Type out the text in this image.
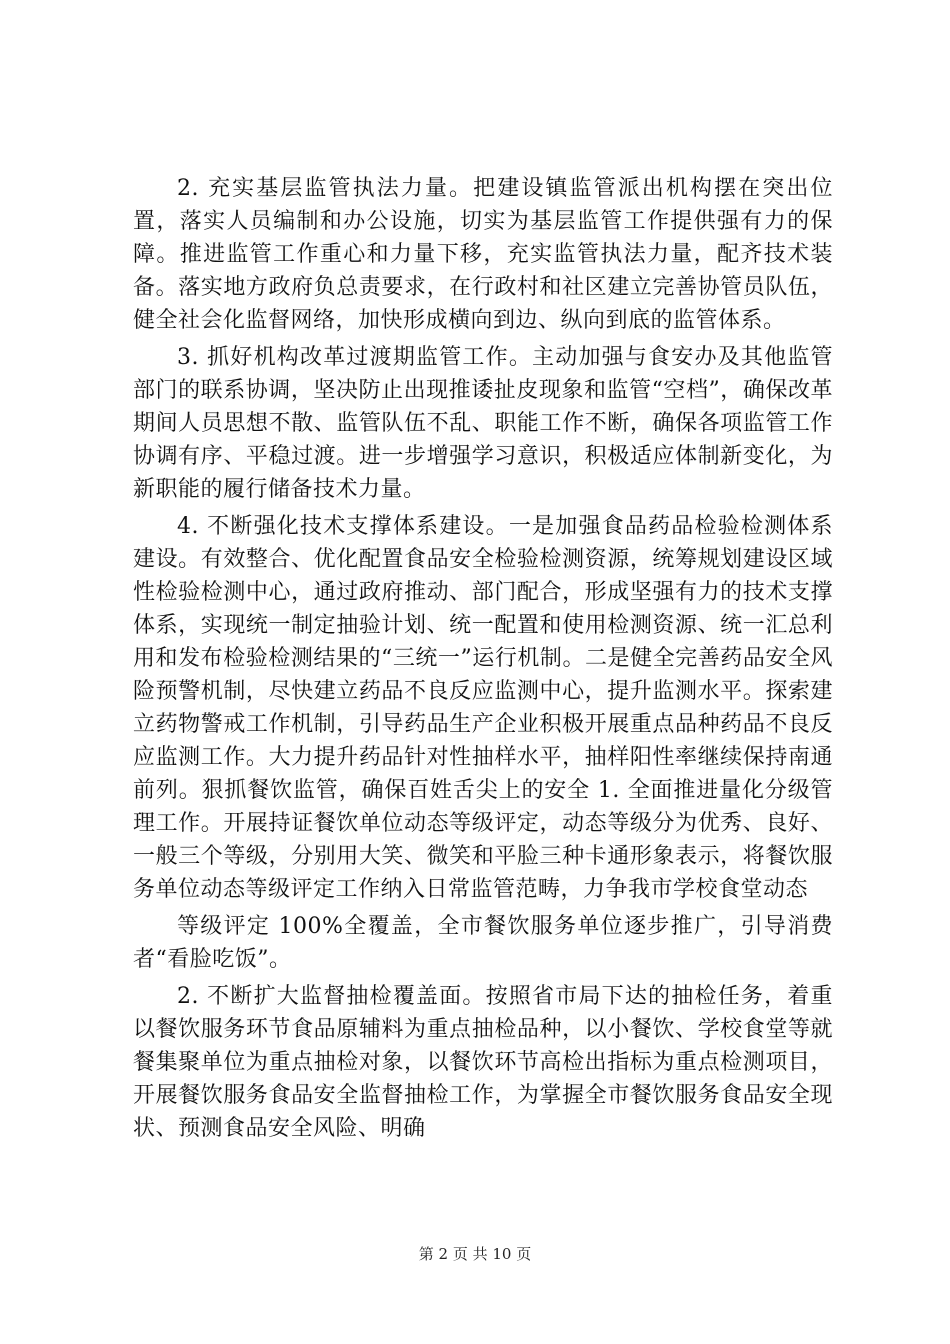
2. 充实基层监管执法力量。把建设镇监管派出机构摆在突出位置，落实人员编制和办公设施，切实为基层监管工作提供强有力的保障。推进监管工作重心和力量下移，充实监管执法力量，配齐技术装备。落实地方政府负总责要求，在行政村和社区建立完善协管员队伍，健全社会化监督网络，加快形成横向到边、纵向到底的监管体系。

3. 抓好机构改革过渡期监管工作。主动加强与食安办及其他监管部门的联系协调，坚决防止出现推诿扯皮现象和监管“空档”，确保改革期间人员思想不散、监管队伍不乱、职能工作不断，确保各项监管工作协调有序、平稳过渡。进一步增强学习意识，积极适应体制新变化，为新职能的履行储备技术力量。

4. 不断强化技术支撑体系建设。一是加强食品药品检验检测体系建设。有效整合、优化配置食品安全检验检测资源，统筹规划建设区域性检验检测中心，通过政府推动、部门配合，形成坚强有力的技术支撑体系，实现统一制定抽验计划、统一配置和使用检测资源、统一汇总利用和发布检验检测结果的“三统一”运行机制。二是健全完善药品安全风险预警机制，尽快建立药品不良反应监测中心，提升监测水平。探索建立药物警戒工作机制，引导药品生产企业积极开展重点品种药品不良反应监测工作。大力提升药品针对性抽样水平，抽样阳性率继续保持南通前列。狠抓餐饮监管，确保百姓舌尖上的安全 1. 全面推进量化分级管理工作。开展持证餐饮单位动态等级评定，动态等级分为优秀、良好、一般三个等级，分别用大笑、微笑和平脸三种卡通形象表示，将餐饮服务单位动态等级评定工作纳入日常监管范畴，力争我市学校食堂动态

等级评定 100%全覆盖，全市餐饮服务单位逐步推广，引导消费者“看脸吃饭”。

2. 不断扩大监督抽检覆盖面。按照省市局下达的抽检任务，着重以餐饮服务环节食品原辅料为重点抽检品种，以小餐饮、学校食堂等就餐集聚单位为重点抽检对象，以餐饮环节高检出指标为重点检测项目，开展餐饮服务食品安全监督抽检工作，为掌握全市餐饮服务食品安全现状、预测食品安全风险、明确

第 2 页 共 10 页
